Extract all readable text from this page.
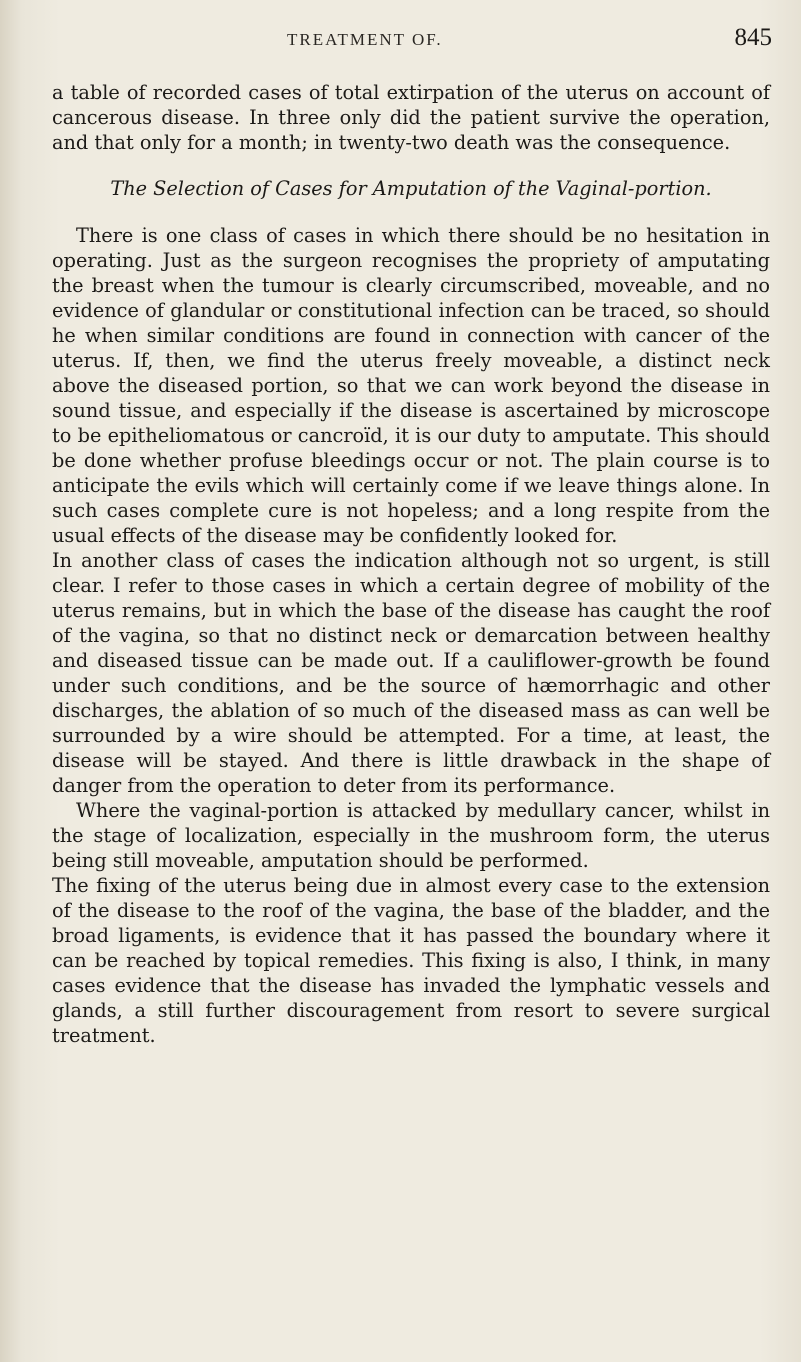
TREATMENT OF.	845

a table of recorded cases of total extirpation of the uterus on account of cancerous disease. In three only did the patient survive the operation, and that only for a month; in twenty-two death was the consequence.

The Selection of Cases for Amputation of the Vaginal-portion.

There is one class of cases in which there should be no hesitation in operating. Just as the surgeon recognises the propriety of amputating the breast when the tumour is clearly circumscribed, moveable, and no evidence of glandular or constitutional infection can be traced, so should he when similar conditions are found in connection with cancer of the uterus. If, then, we find the uterus freely moveable, a distinct neck above the diseased portion, so that we can work beyond the disease in sound tissue, and especially if the disease is ascertained by microscope to be epitheliomatous or cancroïd, it is our duty to amputate. This should be done whether profuse bleedings occur or not. The plain course is to anticipate the evils which will certainly come if we leave things alone. In such cases complete cure is not hopeless; and a long respite from the usual effects of the disease may be confidently looked for.

In another class of cases the indication although not so urgent, is still clear. I refer to those cases in which a certain degree of mobility of the uterus remains, but in which the base of the disease has caught the roof of the vagina, so that no distinct neck or demarcation between healthy and diseased tissue can be made out. If a cauliflower-growth be found under such conditions, and be the source of hæmorrhagic and other discharges, the ablation of so much of the diseased mass as can well be surrounded by a wire should be attempted. For a time, at least, the disease will be stayed. And there is little drawback in the shape of danger from the operation to deter from its performance.

Where the vaginal-portion is attacked by medullary cancer, whilst in the stage of localization, especially in the mushroom form, the uterus being still moveable, amputation should be performed.

The fixing of the uterus being due in almost every case to the extension of the disease to the roof of the vagina, the base of the bladder, and the broad ligaments, is evidence that it has passed the boundary where it can be reached by topical remedies. This fixing is also, I think, in many cases evidence that the disease has invaded the lymphatic vessels and glands, a still further discouragement from resort to severe surgical treatment.
